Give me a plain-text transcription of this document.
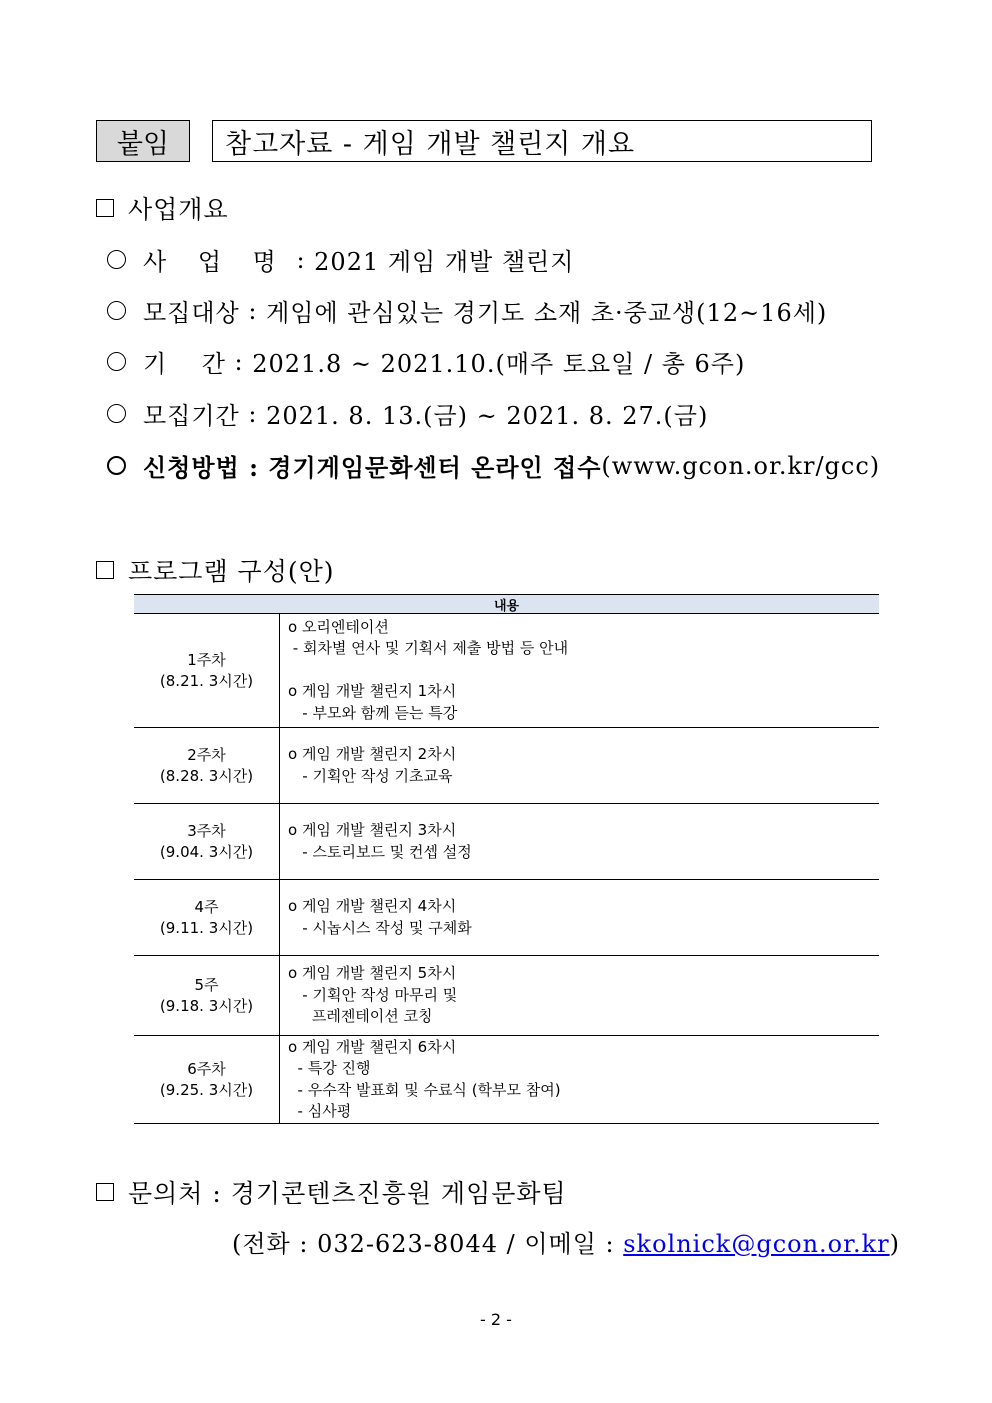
붙임	참고자료 - 게임 개발 챌린지 개요
사업개요
사 업 명 : 2021 게임 개발 챌린지
모집대상 : 게임에 관심있는 경기도 소재 초·중교생(12~16세)
기    간 : 2021.8 ~ 2021.10.(매주 토요일 / 총 6주)
모집기간 : 2021. 8. 13.(금) ~ 2021. 8. 27.(금)
신청방법 : 경기게임문화센터 온라인 접수 (www.gcon.or.kr/gcc)
프로그램 구성(안)
내용
1주차
(8.21. 3시간)
o 오리엔테이션
- 회차별 연사 및 기획서 제출 방법 등 안내

o 게임 개발 챌린지 1차시
- 부모와 함께 듣는 특강
2주차
(8.28. 3시간)
o 게임 개발 챌린지 2차시
- 기획안 작성 기초교육
3주차
(9.04. 3시간)
o 게임 개발 챌린지 3차시
- 스토리보드 및 컨셉 설정
4주
(9.11. 3시간)
o 게임 개발 챌린지 4차시
- 시놉시스 작성 및 구체화
5주
(9.18. 3시간)
o 게임 개발 챌린지 5차시
- 기획안 작성 마무리 및
프레젠테이션 코칭
6주차
(9.25. 3시간)
o 게임 개발 챌린지 6차시
- 특강 진행
- 우수작 발표회 및 수료식 (학부모 참여)
- 심사평
문의처 : 경기콘텐츠진흥원 게임문화팀
(전화 : 032-623-8044 / 이메일 : skolnick@gcon.or.kr)
- 2 -
